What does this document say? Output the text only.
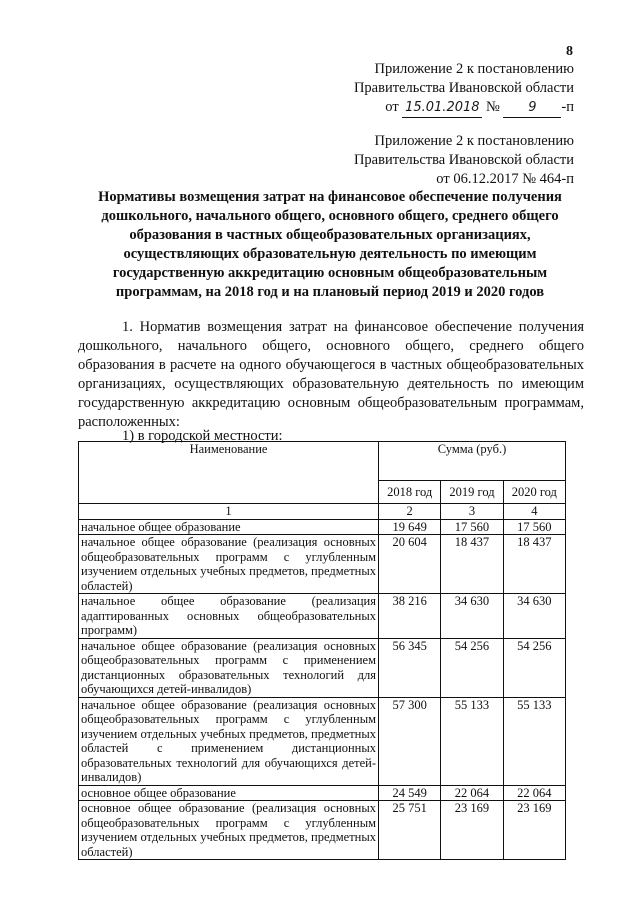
8
Приложение 2 к постановлению
Правительства Ивановской области
от 15.01.2018 № 9 -п
Приложение 2 к постановлению
Правительства Ивановской области
от 06.12.2017 № 464-п

Нормативы возмещения затрат на финансовое обеспечение получения дошкольного, начального общего, основного общего, среднего общего образования в частных общеобразовательных организациях, осуществляющих образовательную деятельность по имеющим государственную аккредитацию основным общеобразовательным программам, на 2018 год и на плановый период 2019 и 2020 годов

1. Норматив возмещения затрат на финансовое обеспечение получения дошкольного, начального общего, основного общего, среднего общего образования в расчете на одного обучающегося в частных общеобразовательных организациях, осуществляющих образовательную деятельность по имеющим государственную аккредитацию основным общеобразовательным программам, расположенных:

1) в городской местности:
Наименование	Сумма (руб.)		
	2018 год	2019 год	2020 год
1	2	3	4
начальное общее образование	19 649	17 560	17 560
начальное общее образование (реализация основных общеобразовательных программ с углубленным изучением отдельных учебных предметов, предметных областей)	20 604	18 437	18 437
начальное общее образование (реализация адаптированных основных общеобразовательных программ)	38 216	34 630	34 630
начальное общее образование (реализация основных общеобразовательных программ с применением дистанционных образовательных технологий для обучающихся детей-инвалидов)	56 345	54 256	54 256
начальное общее образование (реализация основных общеобразовательных программ с углубленным изучением отдельных учебных предметов, предметных областей с применением дистанционных образовательных технологий для обучающихся детей-инвалидов)	57 300	55 133	55 133
основное общее образование	24 549	22 064	22 064
основное общее образование (реализация основных общеобразовательных программ с углубленным изучением отдельных учебных предметов, предметных областей)	25 751	23 169	23 169
